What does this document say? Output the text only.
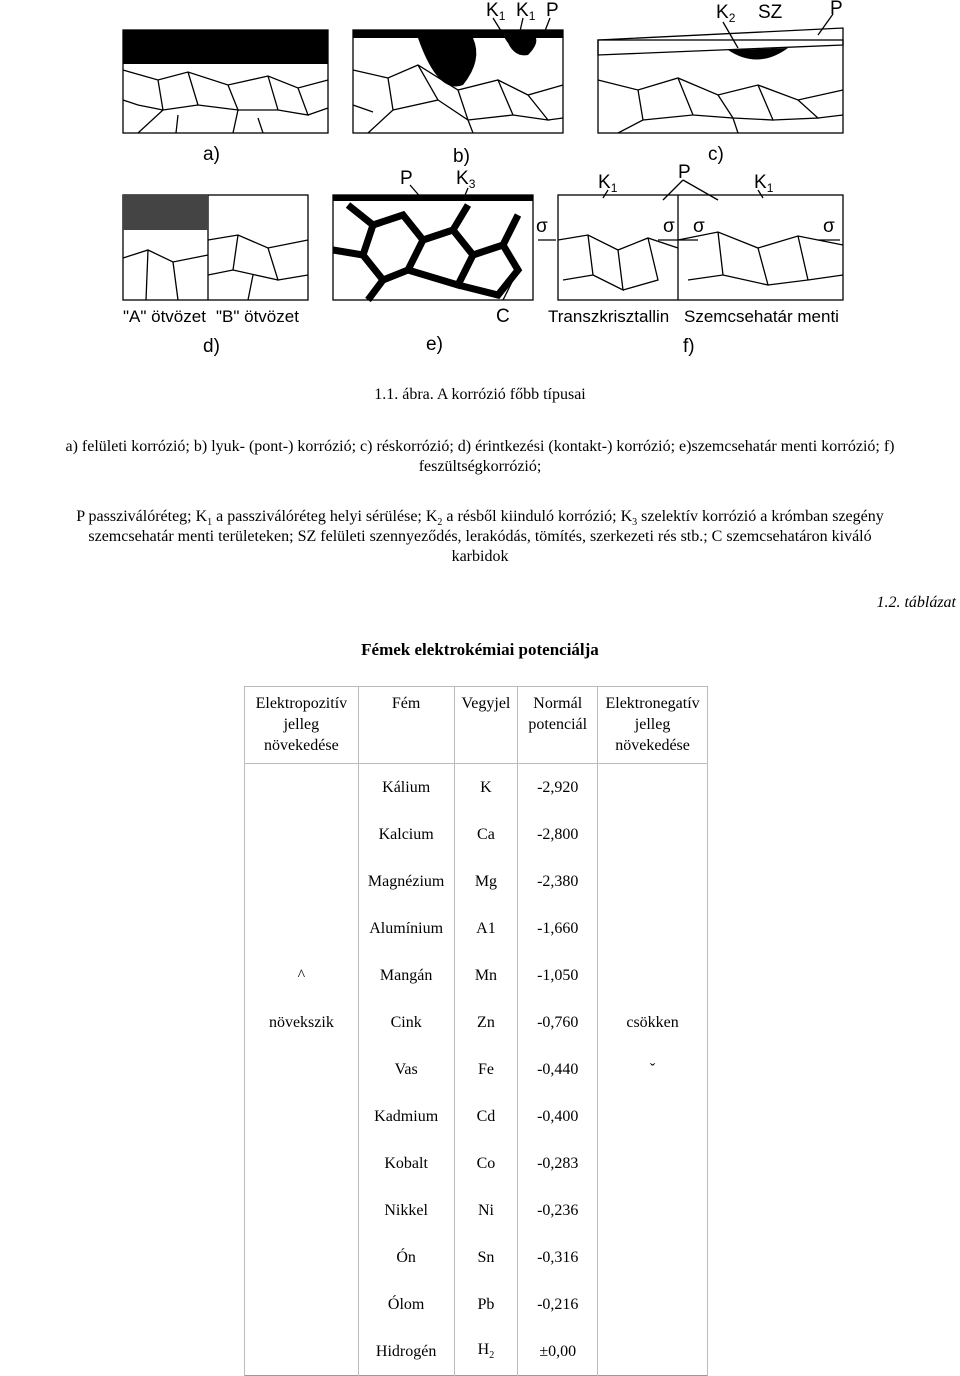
a)	b)	c)
d)	e)	f)
$K_1$ $K_1$ P	$K_2$ SZ	P
P $K_3$
C
$K_1$
P	$K_1$
σ	σ σ	σ
"A" ötvözet "B" ötvözet	Transzkrisztallin Szemcsehatár menti
1.1. ábra. A korrózió főbb típusai
a) felületi korrózió; b) lyuk- (pont-) korrózió; c) réskorrózió; d) érintkezési (kontakt-) korrózió; e)szemcsehatár menti korrózió; f)
feszültségkorrózió;
P passziválóréteg; $K_1$ a passziválóréteg helyi sérülése; $K_2$ a résből kiinduló korrózió; $K_3$ szelektív korrózió a krómban szegény
szemcsehatár menti területeken; SZ felületi szennyeződés, lerakódás, tömítés, szerkezeti rés stb.; C szemcsehatáron kiváló
karbidok
1.2. táblázat
Fémek elektrokémiai potenciálja
Elektropozitív
jelleg
növekedése	Fém	Vegyjel	Normál
potenciál	Elektronegatív
jelleg
növekedése
	Kálium	K	-2,920	
	Kalcium	Ca	-2,800	
	Magnézium	Mg	-2,380	
	Alumínium	A1	-1,660	
^	Mangán	Mn	-1,050	
növekszik	Cink	Zn	-0,760	csökken
	Vas	Fe	-0,440	ˇ
	Kadmium	Cd	-0,400	
	Kobalt	Co	-0,283	
	Nikkel	Ni	-0,236	
	Ón	Sn	-0,316	
	Ólom	Pb	-0,216	
	Hidrogén	$H_2$	±0,00	
